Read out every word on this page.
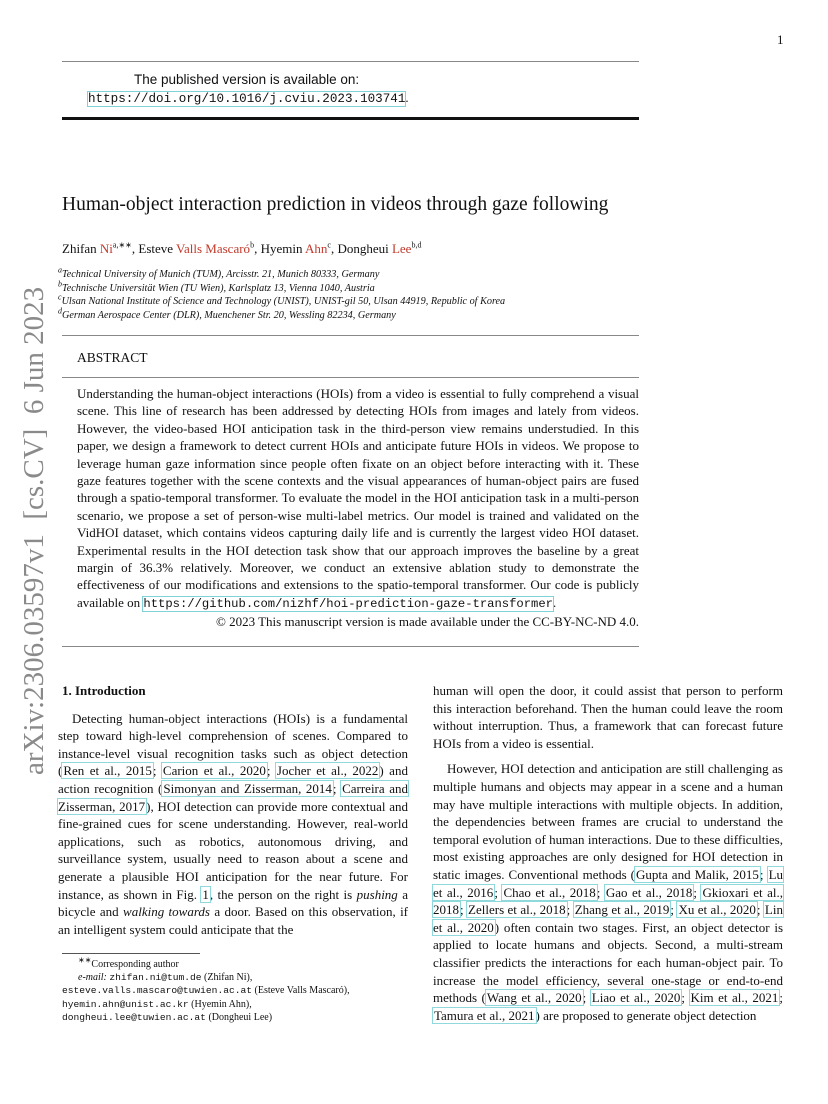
1
The published version is available on:
https://doi.org/10.1016/j.cviu.2023.103741.
arXiv:2306.03597v1  [cs.CV]  6 Jun 2023
Human-object interaction prediction in videos through gaze following
Zhifan $Ni^{a,∗∗}$, Esteve Valls Mascaró$^b$, Hyemin Ahn$^c$, Dongheui Lee$^{b,d}$
$^a$Technical University of Munich (TUM), Arcisstr. 21, Munich 80333, Germany
$^b$Technische Universität Wien (TU Wien), Karlsplatz 13, Vienna 1040, Austria
$^c$Ulsan National Institute of Science and Technology (UNIST), UNIST-gil 50, Ulsan 44919, Republic of Korea
$^d$German Aerospace Center (DLR), Muenchener Str. 20, Wessling 82234, Germany
ABSTRACT
Understanding the human-object interactions (HOIs) from a video is essential to fully comprehend a visual scene. This line of research has been addressed by detecting HOIs from images and lately from videos. However, the video-based HOI anticipation task in the third-person view remains understudied. In this paper, we design a framework to detect current HOIs and anticipate future HOIs in videos. We propose to leverage human gaze information since people often fixate on an object before interacting with it. These gaze features together with the scene contexts and the visual appearances of human-object pairs are fused through a spatio-temporal transformer. To evaluate the model in the HOI anticipation task in a multi-person scenario, we propose a set of person-wise multi-label metrics. Our model is trained and validated on the VidHOI dataset, which contains videos capturing daily life and is currently the largest video HOI dataset. Experimental results in the HOI detection task show that our approach improves the baseline by a great margin of 36.3% relatively. Moreover, we conduct an extensive ablation study to demonstrate the effectiveness of our modifications and extensions to the spatio-temporal transformer. Our code is publicly available on https://github.com/nizhf/hoi-prediction-gaze-transformer.
© 2023 This manuscript version is made available under the CC-BY-NC-ND 4.0.
1. Introduction

Detecting human-object interactions (HOIs) is a fundamental step toward high-level comprehension of scenes. Compared to instance-level visual recognition tasks such as object detection (Ren et al., 2015; Carion et al., 2020; Jocher et al., 2022) and action recognition (Simonyan and Zisserman, 2014; Carreira and Zisserman, 2017), HOI detection can provide more contextual and fine-grained cues for scene understanding. However, real-world applications, such as robotics, autonomous driving, and surveillance system, usually need to reason about a scene and generate a plausible HOI anticipation for the near future. For instance, as shown in Fig. 1, the person on the right is pushing a bicycle and walking towards a door. Based on this observation, if an intelligent system could anticipate that the

human will open the door, it could assist that person to perform this interaction beforehand. Then the human could leave the room without interruption. Thus, a framework that can forecast future HOIs from a video is essential.

However, HOI detection and anticipation are still challenging as multiple humans and objects may appear in a scene and a human may have multiple interactions with multiple objects. In addition, the dependencies between frames are crucial to understand the temporal evolution of human interactions. Due to these difficulties, most existing approaches are only designed for HOI detection in static images. Conventional methods (Gupta and Malik, 2015; Lu et al., 2016; Chao et al., 2018; Gao et al., 2018; Gkioxari et al., 2018; Zellers et al., 2018; Zhang et al., 2019; Xu et al., 2020; Lin et al., 2020) often contain two stages. First, an object detector is applied to locate humans and objects. Second, a multi-stream classifier predicts the interactions for each human-object pair. To increase the model efficiency, several one-stage or end-to-end methods (Wang et al., 2020; Liao et al., 2020; Kim et al., 2021; Tamura et al., 2021) are proposed to generate object detection

∗∗Corresponding author
e-mail: zhifan.ni@tum.de (Zhifan Ni),
esteve.valls.mascaro@tuwien.ac.at (Esteve Valls Mascaró),
hyemin.ahn@unist.ac.kr (Hyemin Ahn),
dongheui.lee@tuwien.ac.at (Dongheui Lee)
